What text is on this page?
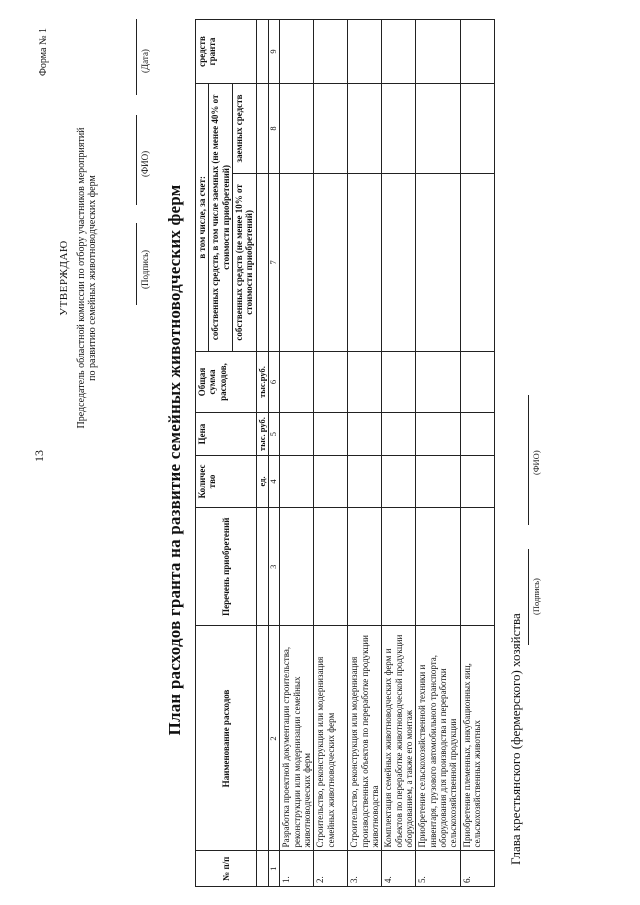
13
Форма № 1
УТВЕРЖДАЮ Председатель областной комиссии по отбору участников мероприятий по развитию семейных животноводческих ферм	(Подпись)
(ФИО)
(Дата)
План расходов гранта на развитие семейных животноводческих ферм
№ п/п	Наименование расходов	Перечень приобретений	Количес тво	Цена	Общая сумма расходов,	в том числе, за счет:		средств гранта
						собственных средств, в том числе заемных (не менее 40% от стоимости приобретений)		
						собственных средств (не менее 10% от стоимости приобретений)	заемных средств	
			ед.	тыс. руб.	тыс.руб.			
1	2	3	4	5	6	7	8	9
1.	Разработка проектной документации строительства, реконструкции или модернизации семейных животноводческих ферм							
2.	Строительство, реконструкция или модернизация семейных животноводческих ферм							
3.	Строительство, реконструкция или модернизация производственных объектов по переработке продукции животноводства							
4.	Комплектация семейных животноводческих ферм и объектов по переработке животноводческой продукции оборудованием, а также его монтаж							
5.	Приобретение сельскохозяйственной техники и инвентаря, грузового автомобильного транспорта, оборудования для производства и переработки сельскохозяйственной продукции							
6.	Приобретение племенных, инкубационных яиц, сельскохозяйственных животных							Глава крестьянского (фермерского) хозяйства
(Подпись)
(ФИО)
